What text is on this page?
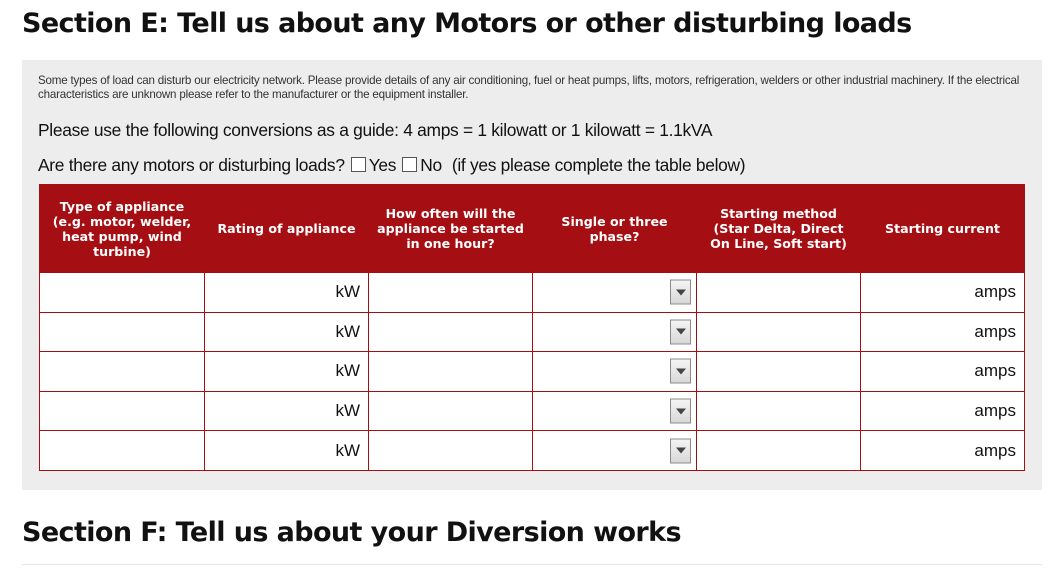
Section E: Tell us about any Motors or other disturbing loads
Some types of load can disturb our electricity network. Please provide details of any air conditioning, fuel or heat pumps, lifts, motors, refrigeration, welders or other industrial machinery. If the electrical characteristics are unknown please refer to the manufacturer or the equipment installer.
Please use the following conversions as a guide: 4 amps = 1 kilowatt or 1 kilowatt = 1.1kVA
Are there any motors or disturbing loads? Yes No (if yes please complete the table below)
Type of appliance (e.g. motor, welder, heat pump, wind turbine)	Rating of appliance	How often will the appliance be started in one hour?	Single or three phase?	Starting method (Star Delta, Direct On Line, Soft start)	Starting current

	kW				amps

	kW				amps

	kW				amps

	kW				amps

	kW				amps
Section F: Tell us about your Diversion works
